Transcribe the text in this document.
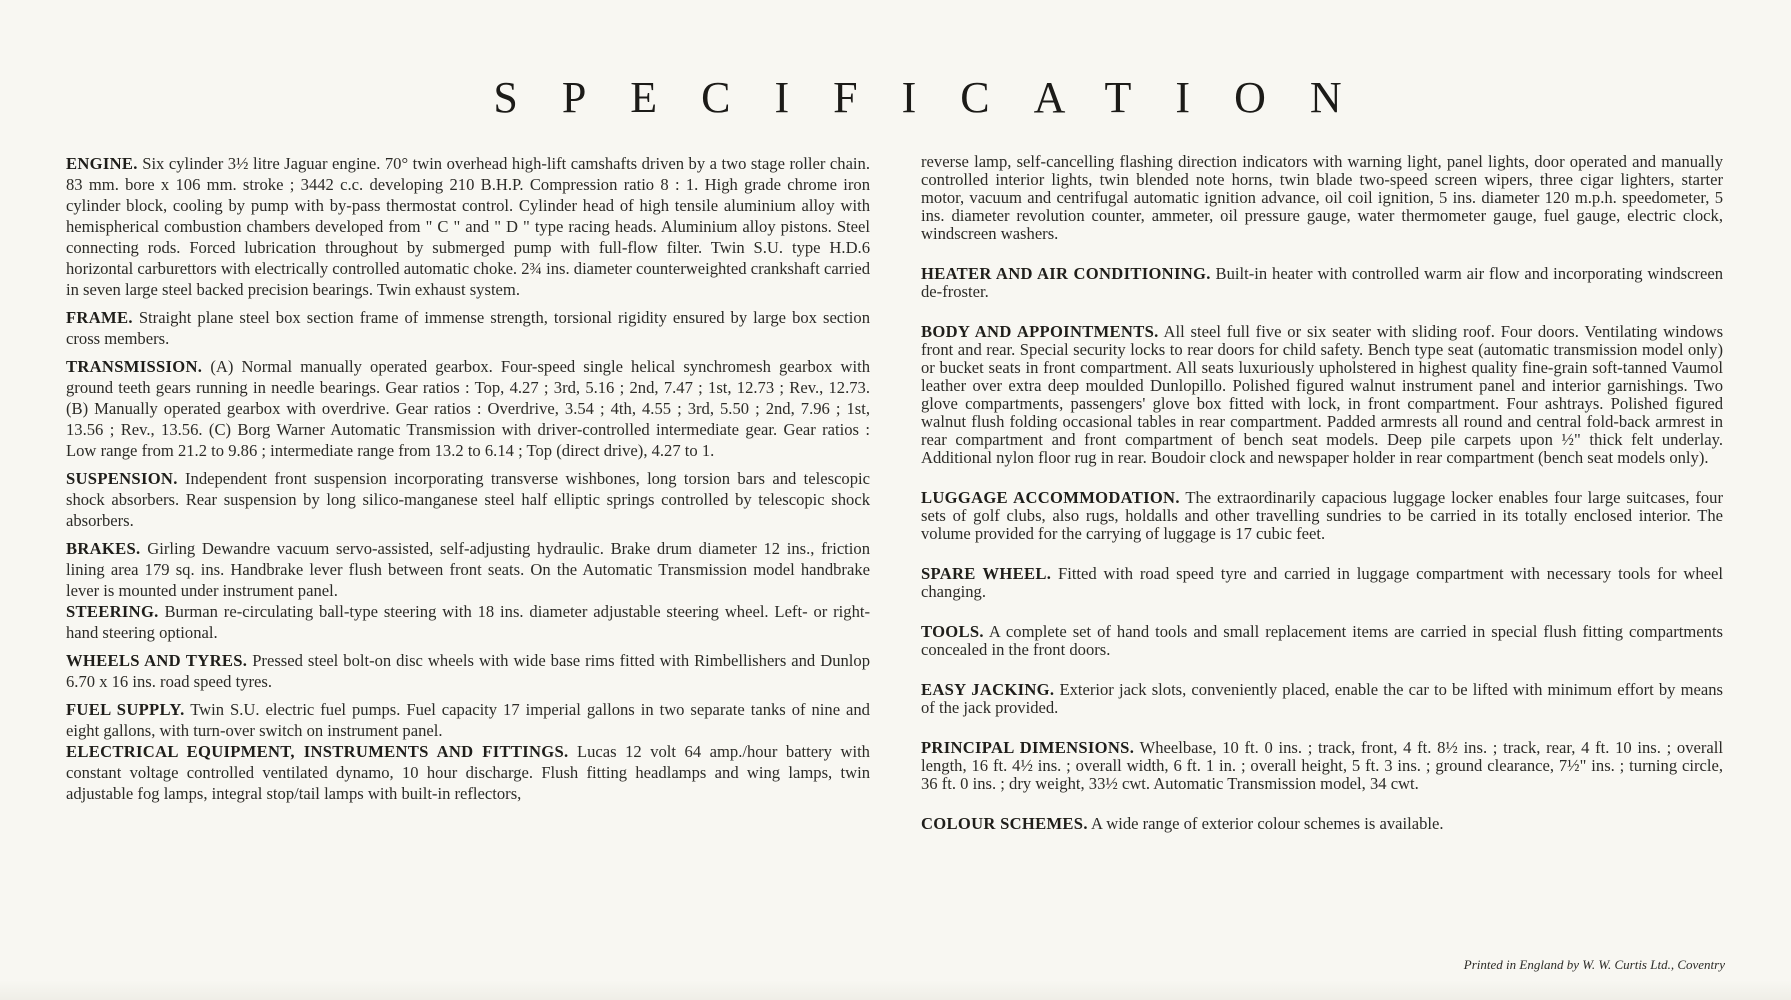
SPECIFICATION

ENGINE. Six cylinder 3½ litre Jaguar engine. 70° twin overhead high-lift camshafts driven by a two stage roller chain. 83 mm. bore x 106 mm. stroke ; 3442 c.c. developing 210 B.H.P. Compression ratio 8 : 1. High grade chrome iron cylinder block, cooling by pump with by-pass thermostat control. Cylinder head of high tensile aluminium alloy with hemispherical combustion chambers developed from " C " and " D " type racing heads. Aluminium alloy pistons. Steel connecting rods. Forced lubrication throughout by submerged pump with full-flow filter. Twin S.U. type H.D.6 horizontal carburettors with electrically controlled automatic choke. 2¾ ins. diameter counterweighted crankshaft carried in seven large steel backed precision bearings. Twin exhaust system.

FRAME. Straight plane steel box section frame of immense strength, torsional rigidity ensured by large box section cross members.

TRANSMISSION. (A) Normal manually operated gearbox. Four-speed single helical synchromesh gearbox with ground teeth gears running in needle bearings. Gear ratios : Top, 4.27 ; 3rd, 5.16 ; 2nd, 7.47 ; 1st, 12.73 ; Rev., 12.73. (B) Manually operated gearbox with overdrive. Gear ratios : Overdrive, 3.54 ; 4th, 4.55 ; 3rd, 5.50 ; 2nd, 7.96 ; 1st, 13.56 ; Rev., 13.56. (C) Borg Warner Automatic Transmission with driver-controlled intermediate gear. Gear ratios : Low range from 21.2 to 9.86 ; intermediate range from 13.2 to 6.14 ; Top (direct drive), 4.27 to 1.

SUSPENSION. Independent front suspension incorporating transverse wishbones, long torsion bars and telescopic shock absorbers. Rear suspension by long silico-manganese steel half elliptic springs controlled by telescopic shock absorbers.

BRAKES. Girling Dewandre vacuum servo-assisted, self-adjusting hydraulic. Brake drum diameter 12 ins., friction lining area 179 sq. ins. Handbrake lever flush between front seats. On the Automatic Transmission model handbrake lever is mounted under instrument panel.

STEERING. Burman re-circulating ball-type steering with 18 ins. diameter adjustable steering wheel. Left- or right-hand steering optional.

WHEELS AND TYRES. Pressed steel bolt-on disc wheels with wide base rims fitted with Rimbellishers and Dunlop 6.70 x 16 ins. road speed tyres.

FUEL SUPPLY. Twin S.U. electric fuel pumps. Fuel capacity 17 imperial gallons in two separate tanks of nine and eight gallons, with turn-over switch on instrument panel.

ELECTRICAL EQUIPMENT, INSTRUMENTS AND FITTINGS. Lucas 12 volt 64 amp./hour battery with constant voltage controlled ventilated dynamo, 10 hour discharge. Flush fitting headlamps and wing lamps, twin adjustable fog lamps, integral stop/tail lamps with built-in reflectors,

reverse lamp, self-cancelling flashing direction indicators with warning light, panel lights, door operated and manually controlled interior lights, twin blended note horns, twin blade two-speed screen wipers, three cigar lighters, starter motor, vacuum and centrifugal automatic ignition advance, oil coil ignition, 5 ins. diameter 120 m.p.h. speedometer, 5 ins. diameter revolution counter, ammeter, oil pressure gauge, water thermometer gauge, fuel gauge, electric clock, windscreen washers.

HEATER AND AIR CONDITIONING. Built-in heater with controlled warm air flow and incorporating windscreen de-froster.

BODY AND APPOINTMENTS. All steel full five or six seater with sliding roof. Four doors. Ventilating windows front and rear. Special security locks to rear doors for child safety. Bench type seat (automatic transmission model only) or bucket seats in front compartment. All seats luxuriously upholstered in highest quality fine-grain soft-tanned Vaumol leather over extra deep moulded Dunlopillo. Polished figured walnut instrument panel and interior garnishings. Two glove compartments, passengers' glove box fitted with lock, in front compartment. Four ashtrays. Polished figured walnut flush folding occasional tables in rear compartment. Padded armrests all round and central fold-back armrest in rear compartment and front compartment of bench seat models. Deep pile carpets upon ½" thick felt underlay. Additional nylon floor rug in rear. Boudoir clock and newspaper holder in rear compartment (bench seat models only).

LUGGAGE ACCOMMODATION. The extraordinarily capacious luggage locker enables four large suitcases, four sets of golf clubs, also rugs, holdalls and other travelling sundries to be carried in its totally enclosed interior. The volume provided for the carrying of luggage is 17 cubic feet.

SPARE WHEEL. Fitted with road speed tyre and carried in luggage compartment with necessary tools for wheel changing.

TOOLS. A complete set of hand tools and small replacement items are carried in special flush fitting compartments concealed in the front doors.

EASY JACKING. Exterior jack slots, conveniently placed, enable the car to be lifted with minimum effort by means of the jack provided.

PRINCIPAL DIMENSIONS. Wheelbase, 10 ft. 0 ins. ; track, front, 4 ft. 8½ ins. ; track, rear, 4 ft. 10 ins. ; overall length, 16 ft. 4½ ins. ; overall width, 6 ft. 1 in. ; overall height, 5 ft. 3 ins. ; ground clearance, 7½" ins. ; turning circle, 36 ft. 0 ins. ; dry weight, 33½ cwt. Automatic Transmission model, 34 cwt.

COLOUR SCHEMES. A wide range of exterior colour schemes is available.

Printed in England by W. W. Curtis Ltd., Coventry
